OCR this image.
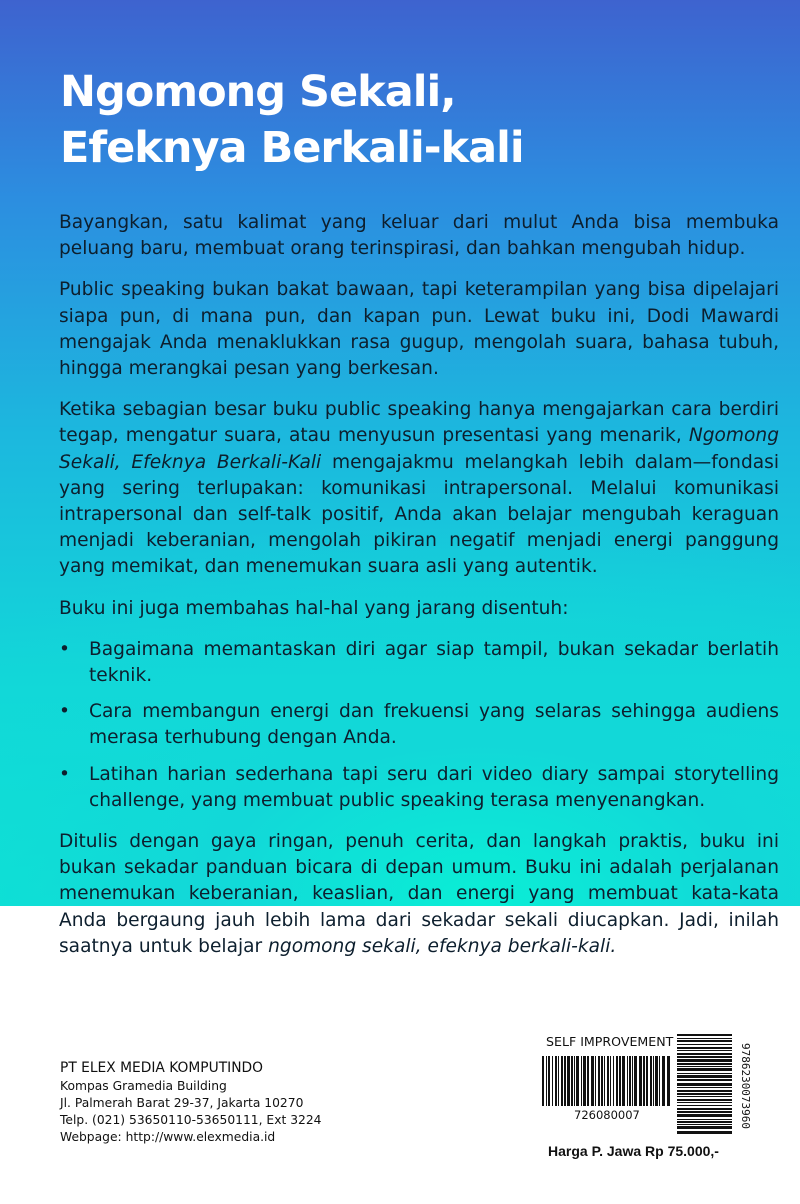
Ngomong Sekali,
Efeknya Berkali-kali

Bayangkan, satu kalimat yang keluar dari mulut Anda bisa membuka peluang baru, membuat orang terinspirasi, dan bahkan mengubah hidup.

Public speaking bukan bakat bawaan, tapi keterampilan yang bisa dipelajari siapa pun, di mana pun, dan kapan pun. Lewat buku ini, Dodi Mawardi mengajak Anda menaklukkan rasa gugup, mengolah suara, bahasa tubuh, hingga merangkai pesan yang berkesan.

Ketika sebagian besar buku public speaking hanya mengajarkan cara berdiri tegap, mengatur suara, atau menyusun presentasi yang menarik, Ngomong Sekali, Efeknya Berkali-Kali mengajakmu melangkah lebih dalam—fondasi yang sering terlupakan: komunikasi intrapersonal. Melalui komunikasi intrapersonal dan self-talk positif, Anda akan belajar mengubah keraguan menjadi keberanian, mengolah pikiran negatif menjadi energi panggung yang memikat, dan menemukan suara asli yang autentik.

Buku ini juga membahas hal-hal yang jarang disentuh:

• Bagaimana memantaskan diri agar siap tampil, bukan sekadar berlatih teknik.
• Cara membangun energi dan frekuensi yang selaras sehingga audiens merasa terhubung dengan Anda.
• Latihan harian sederhana tapi seru dari video diary sampai storytelling challenge, yang membuat public speaking terasa menyenangkan.

Ditulis dengan gaya ringan, penuh cerita, dan langkah praktis, buku ini bukan sekadar panduan bicara di depan umum. Buku ini adalah perjalanan menemukan keberanian, keaslian, dan energi yang membuat kata-kata Anda bergaung jauh lebih lama dari sekadar sekali diucapkan. Jadi, inilah saatnya untuk belajar ngomong sekali, efeknya berkali-kali.

PT ELEX MEDIA KOMPUTINDO
Kompas Gramedia Building
Jl. Palmerah Barat 29-37, Jakarta 10270
Telp. (021) 53650110-53650111, Ext 3224
Webpage: http://www.elexmedia.id
SELF IMPROVEMENT
726080007	9786230073960
Harga P. Jawa Rp 75.000,-
